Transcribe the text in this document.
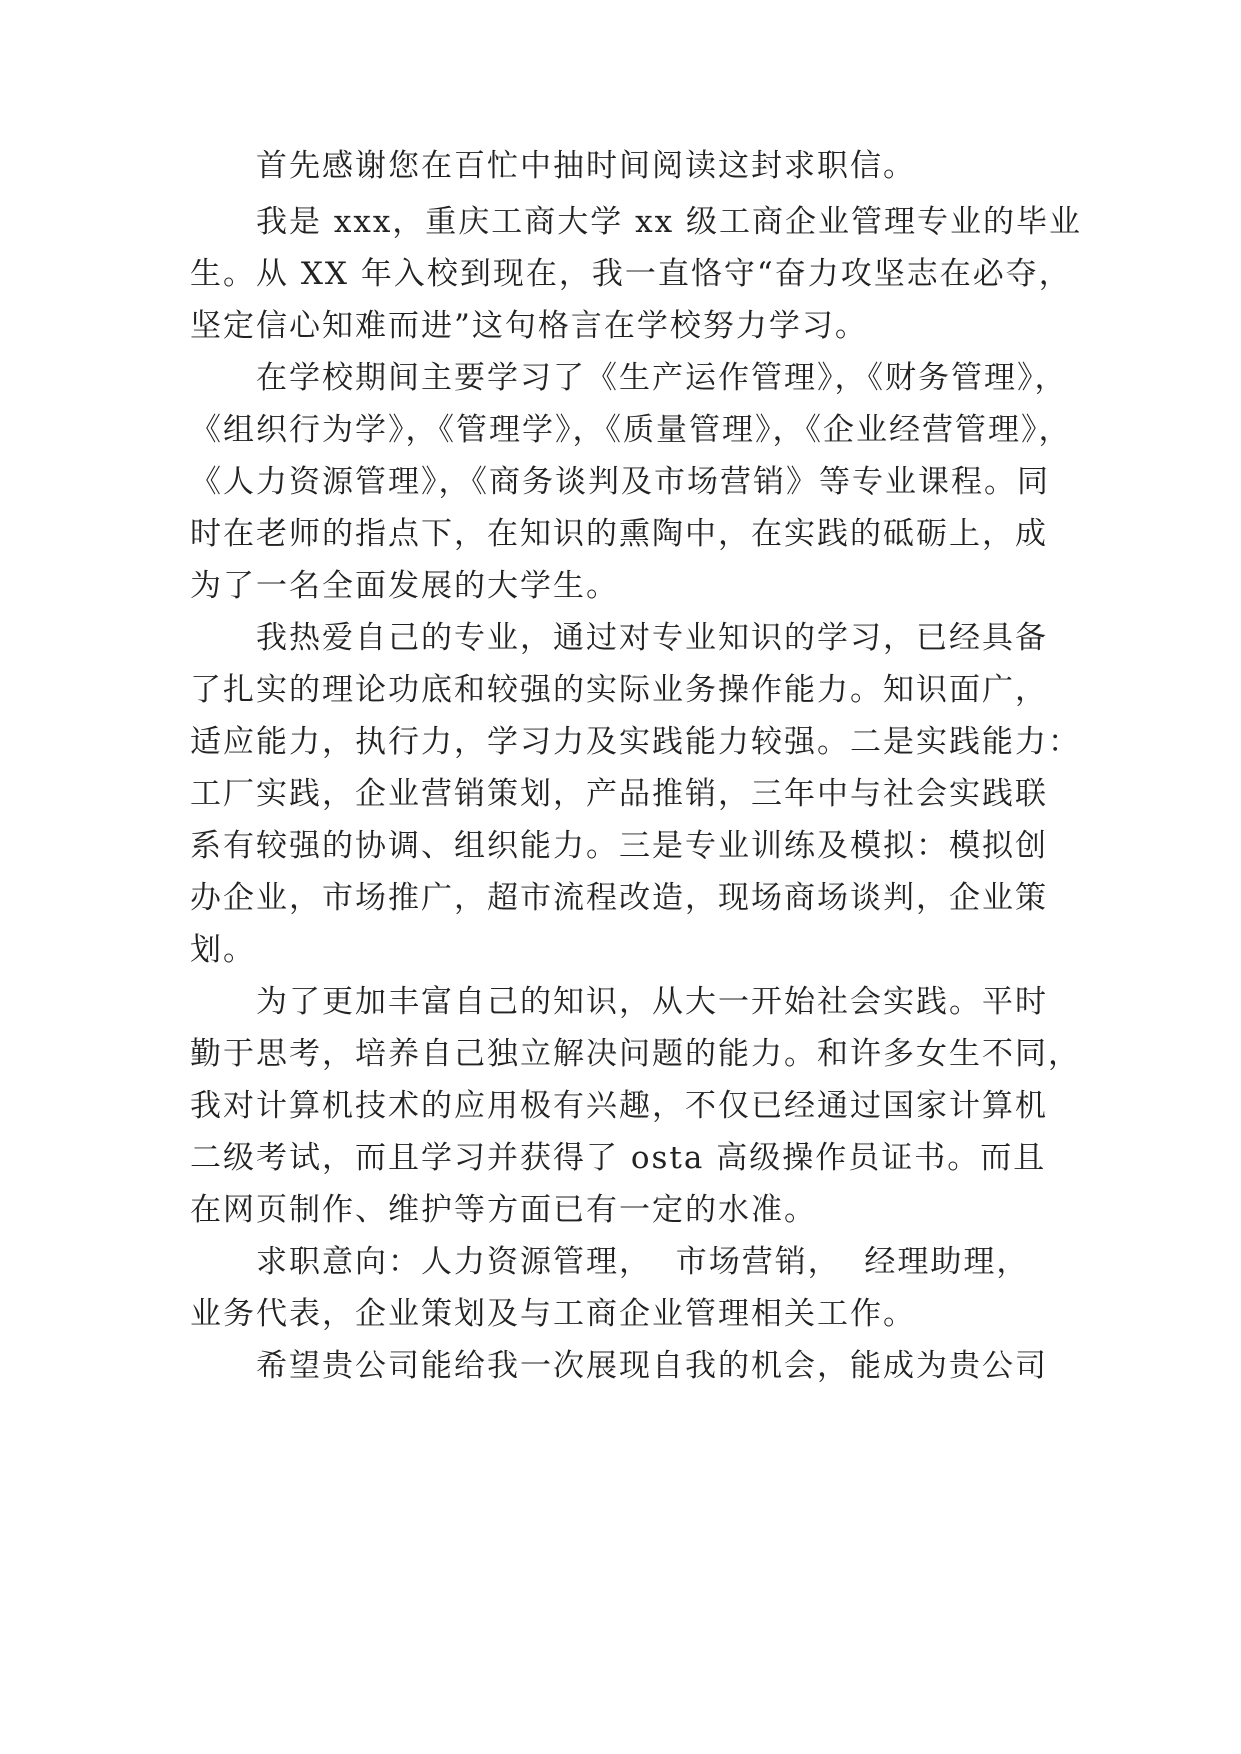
首先感谢您在百忙中抽时间阅读这封求职信。
我是 xxx，重庆工商大学 xx 级工商企业管理专业的毕业
生。从 XX 年入校到现在，我一直恪守“奋力攻坚志在必夺，
坚定信心知难而进”这句格言在学校努力学习。
在学校期间主要学习了《生产运作管理》，《财务管理》，
《组织行为学》，《管理学》，《质量管理》，《企业经营管理》，
《人力资源管理》，《商务谈判及市场营销》等专业课程。同
时在老师的指点下，在知识的熏陶中，在实践的砥砺上，成
为了一名全面发展的大学生。
我热爱自己的专业，通过对专业知识的学习，已经具备
了扎实的理论功底和较强的实际业务操作能力。知识面广，
适应能力，执行力，学习力及实践能力较强。二是实践能力：
工厂实践，企业营销策划，产品推销，三年中与社会实践联
系有较强的协调、组织能力。三是专业训练及模拟：模拟创
办企业，市场推广，超市流程改造，现场商场谈判，企业策
划。
为了更加丰富自己的知识，从大一开始社会实践。平时
勤于思考，培养自己独立解决问题的能力。和许多女生不同，
我对计算机技术的应用极有兴趣，不仅已经通过国家计算机
二级考试，而且学习并获得了 osta 高级操作员证书。而且
在网页制作、维护等方面已有一定的水准。
求职意向：人力资源管理，  市场营销，  经理助理，
业务代表，企业策划及与工商企业管理相关工作。
希望贵公司能给我一次展现自我的机会，能成为贵公司
